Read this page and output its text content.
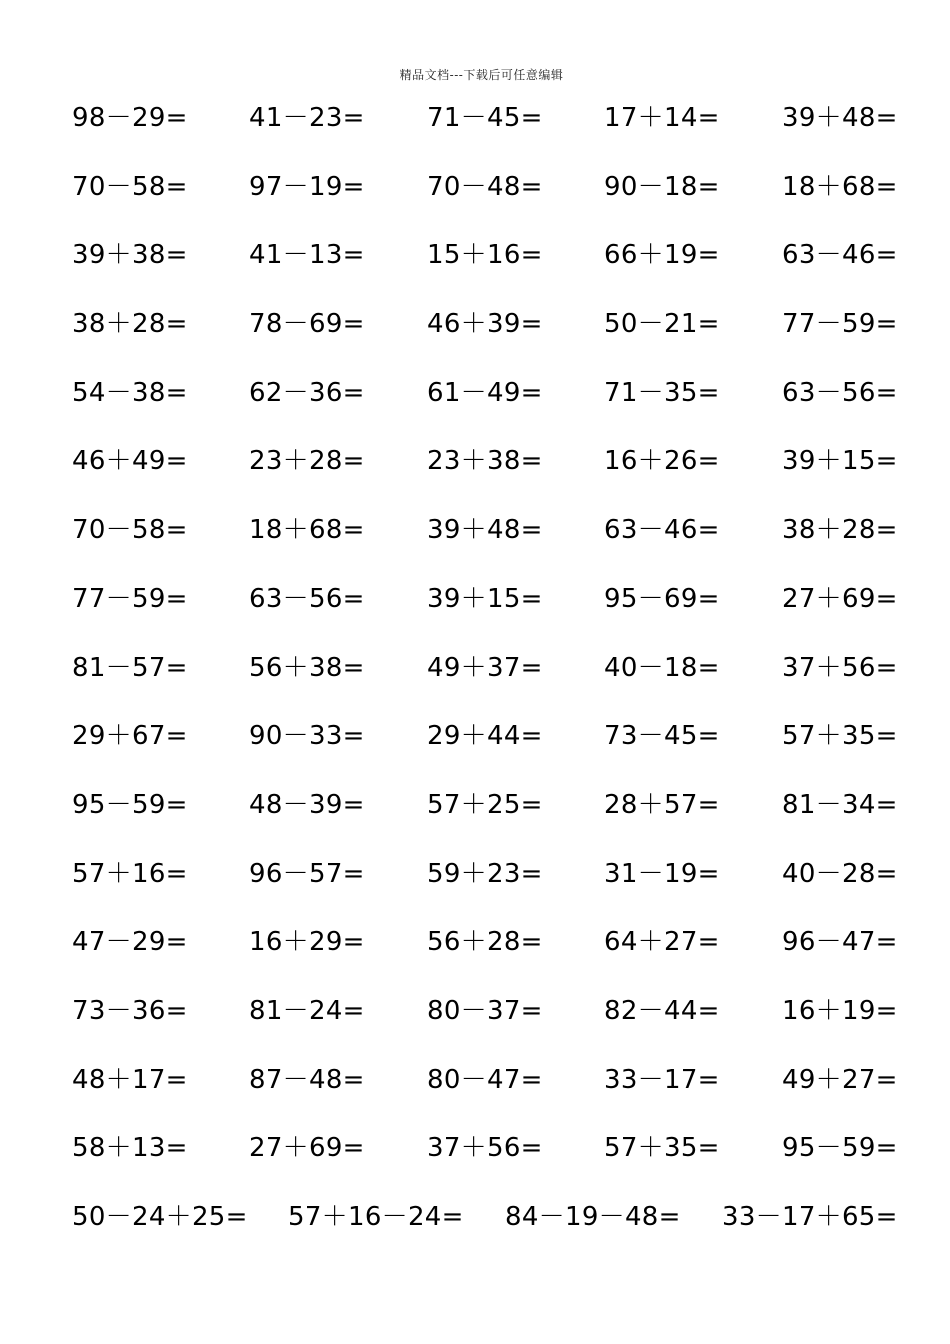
精品文档---下载后可任意编辑
98－29= 41－23= 71－45= 17＋14= 39＋48=
70－58= 97－19= 70－48= 90－18= 18＋68=
39＋38= 41－13= 15＋16= 66＋19= 63－46=
38＋28= 78－69= 46＋39= 50－21= 77－59=
54－38= 62－36= 61－49= 71－35= 63－56=
46＋49= 23＋28= 23＋38= 16＋26= 39＋15=
70－58= 18＋68= 39＋48= 63－46= 38＋28=
77－59= 63－56= 39＋15= 95－69= 27＋69=
81－57= 56＋38= 49＋37= 40－18= 37＋56=
29＋67= 90－33= 29＋44= 73－45= 57＋35=
95－59= 48－39= 57＋25= 28＋57= 81－34=
57＋16= 96－57= 59＋23= 31－19= 40－28=
47－29= 16＋29= 56＋28= 64＋27= 96－47=
73－36= 81－24= 80－37= 82－44= 16＋19=
48＋17= 87－48= 80－47= 33－17= 49＋27=
58＋13= 27＋69= 37＋56= 57＋35= 95－59=
50－24＋25= 57＋16－24= 84－19－48= 33－17＋65=
